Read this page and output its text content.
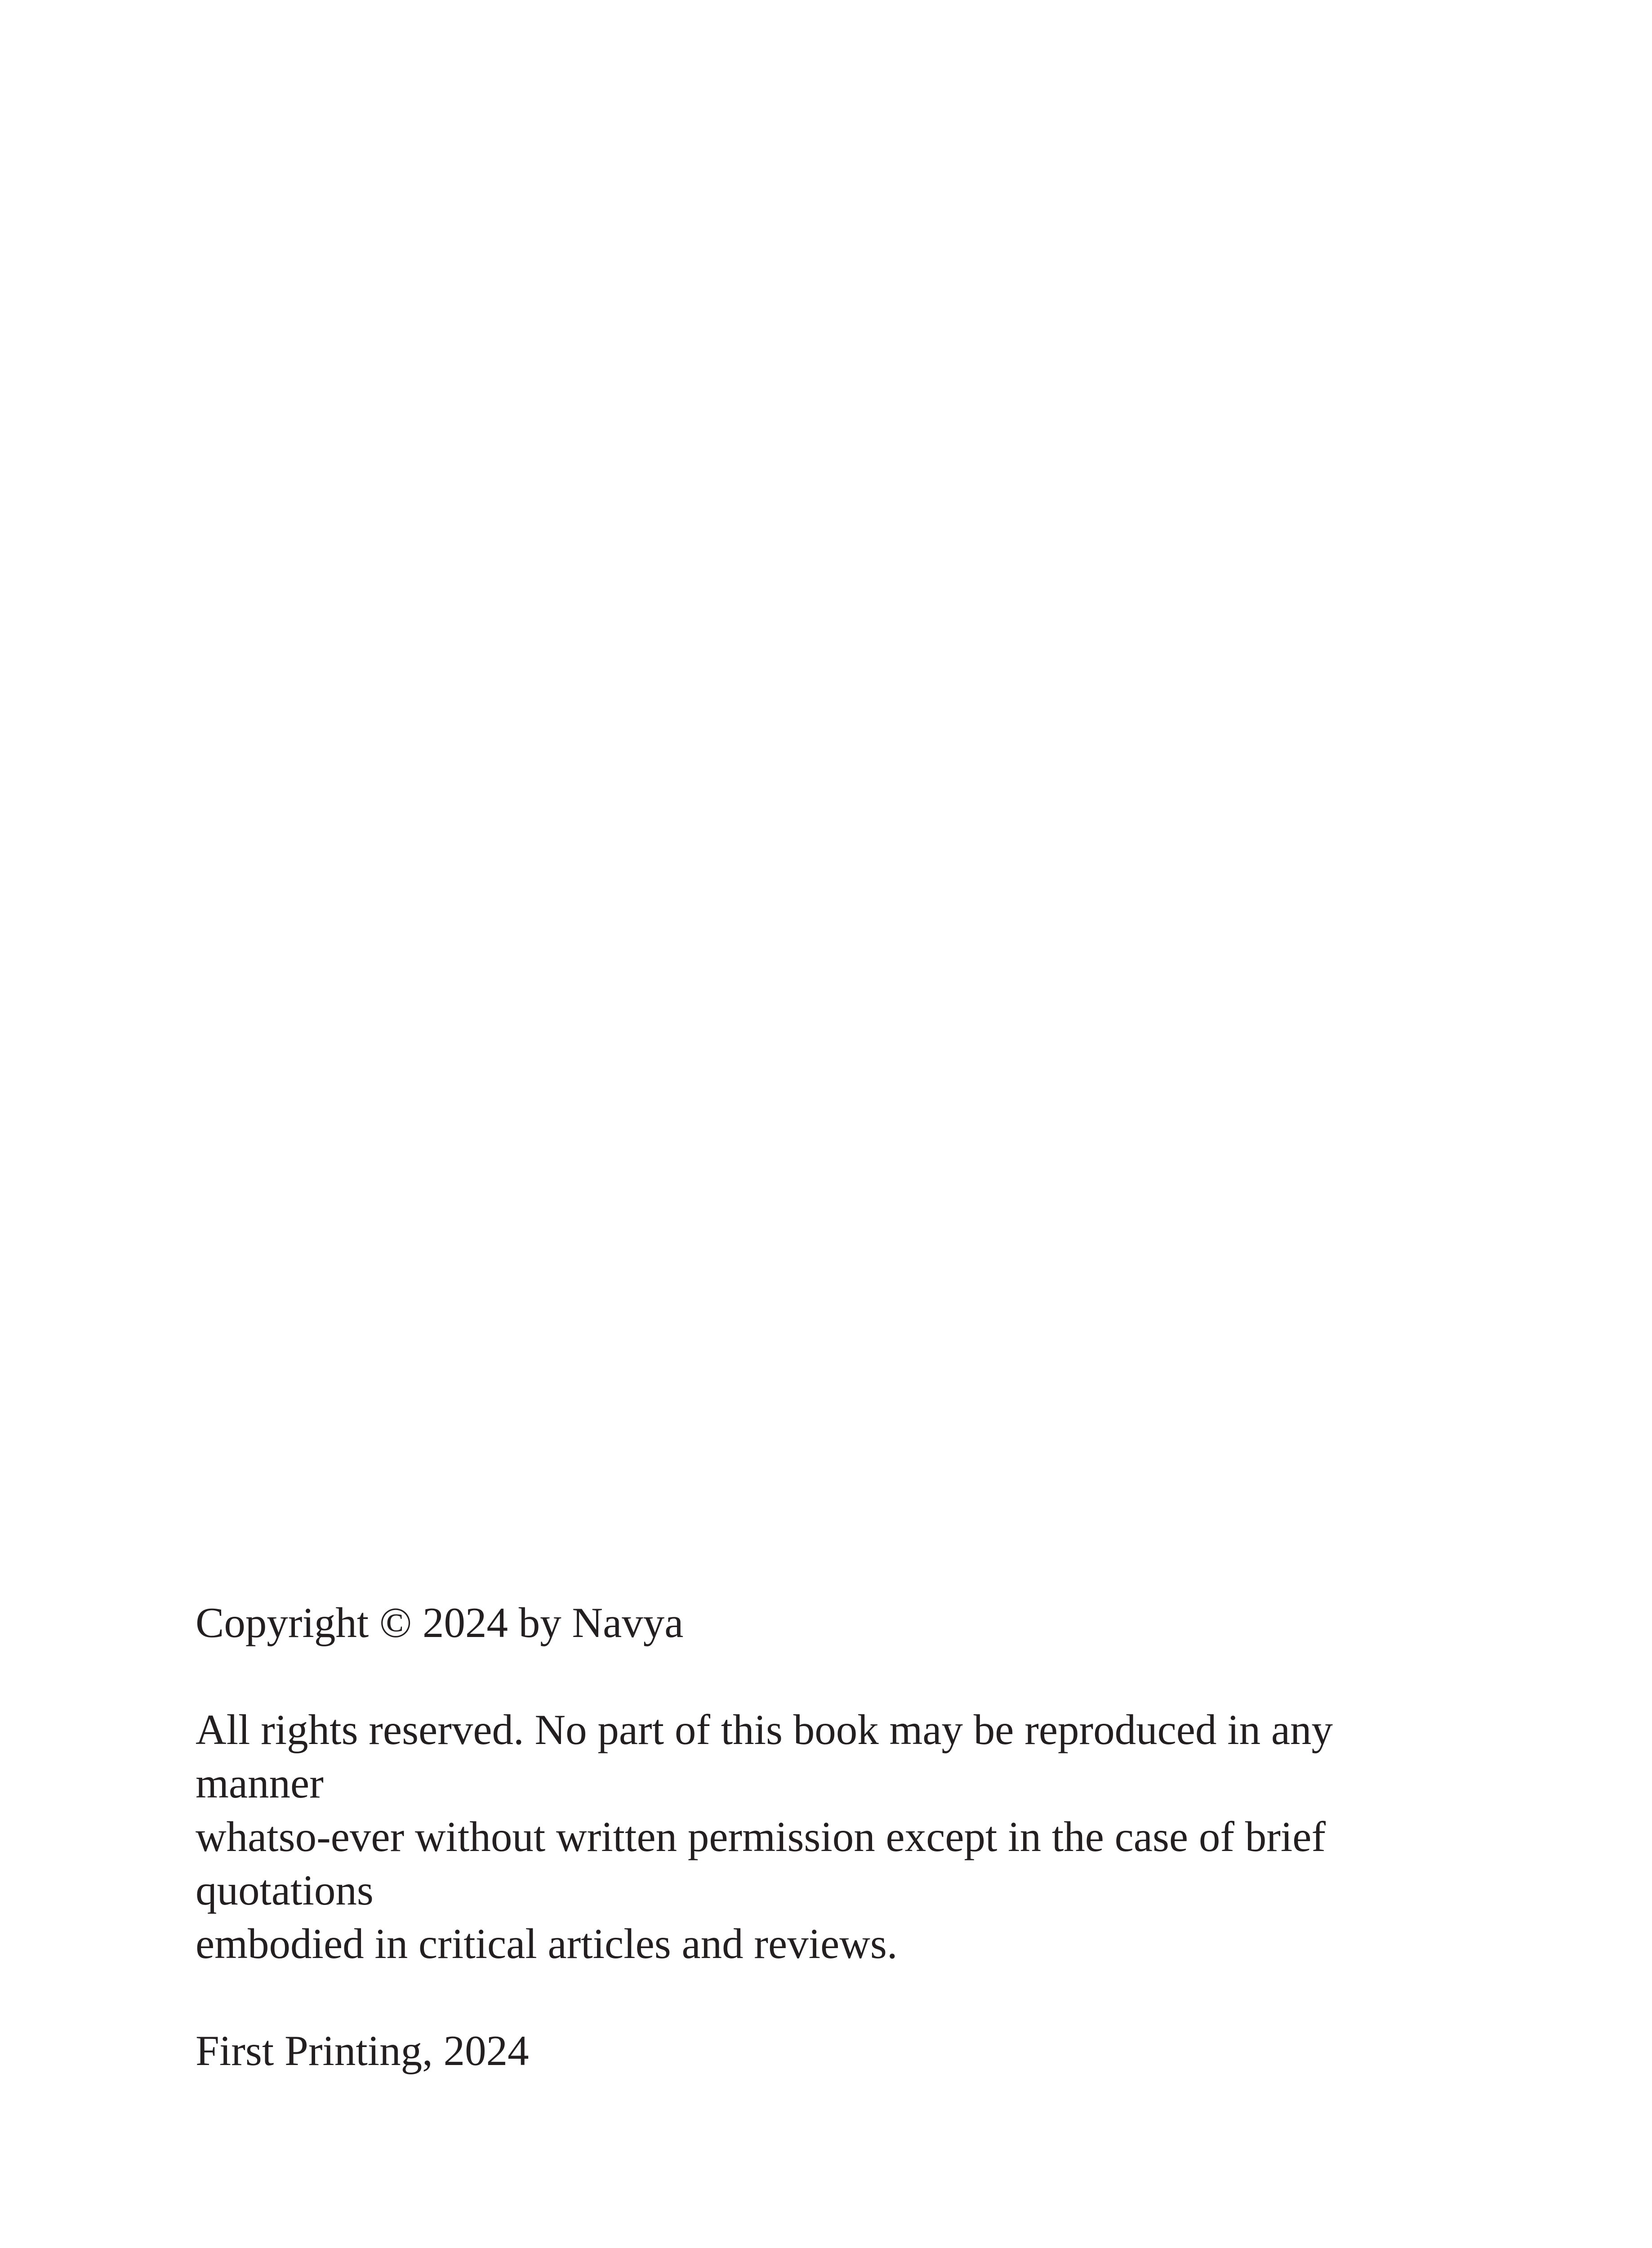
Copyright © 2024 by Navya
All rights reserved. No part of this book may be reproduced in any
manner
whatso-ever without written permission except in the case of brief
quotations
embodied in critical articles and reviews.
First Printing, 2024
